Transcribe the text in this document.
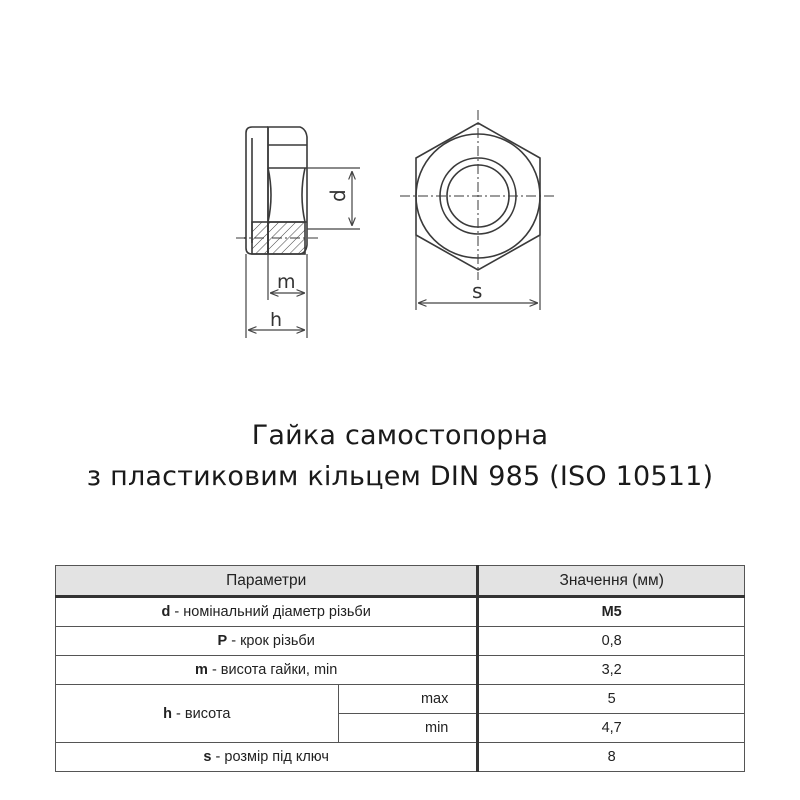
d
m
h
s
Гайка самостопорна
з пластиковим кільцем DIN 985 (ISO 10511)
Параметри		Значення (мм)
d - номінальний діаметр різьби		M5
P - крок різьби		0,8
m - висота гайки, min		3,2
h - висота	max	5
	min	4,7
s - розмір під ключ		8
